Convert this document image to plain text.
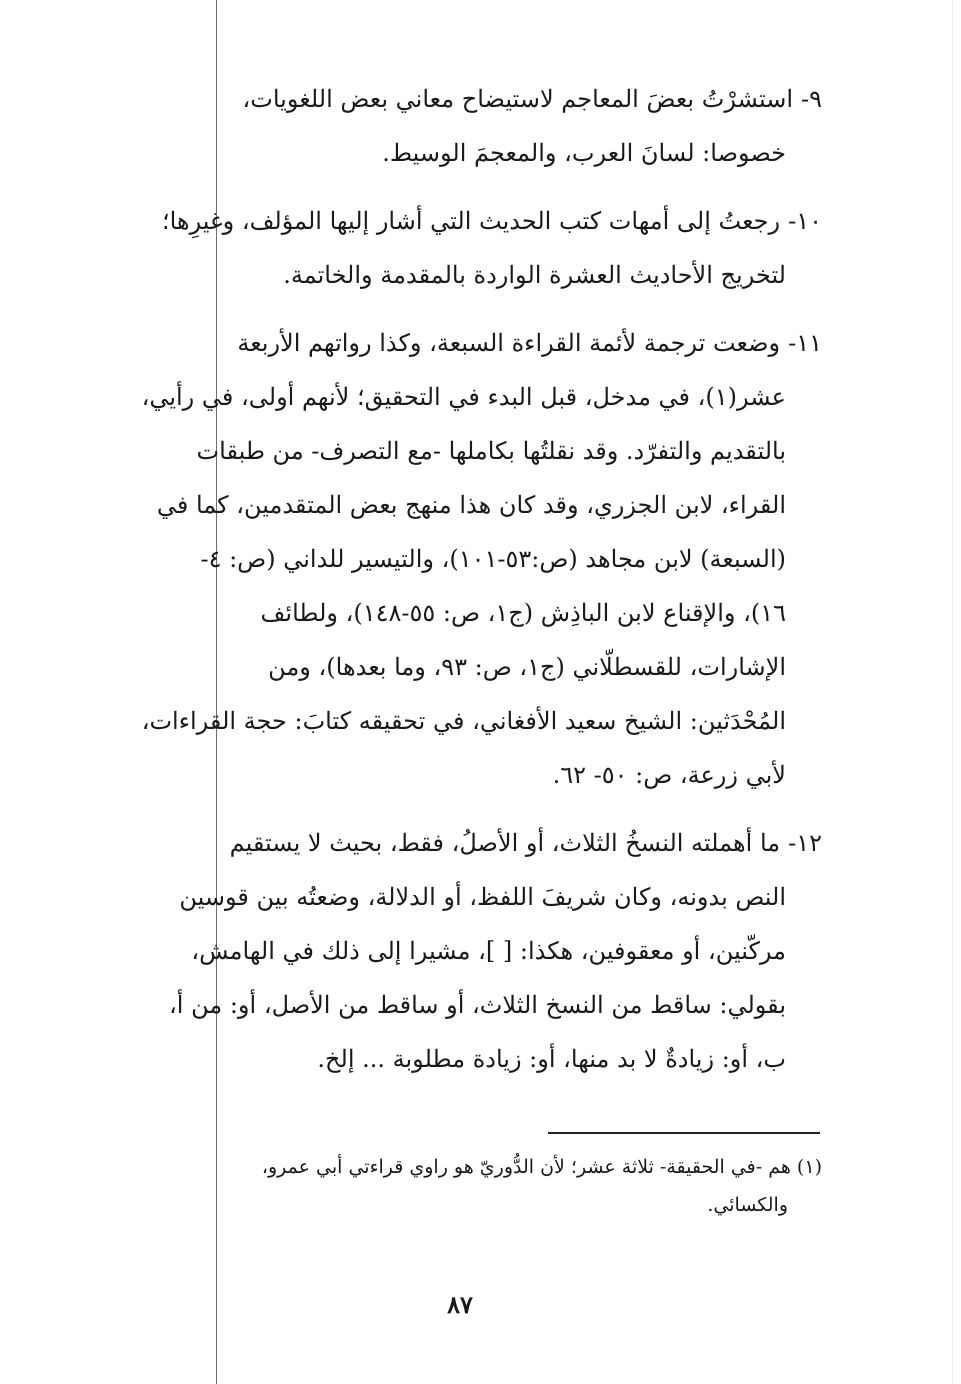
٩-استشرْتُ بعضَ المعاجم لاستيضاح معاني بعض اللغويات،
خصوصا: لسانَ العرب، والمعجمَ الوسيط.
١٠-رجعتُ إلى أمهات كتب الحديث التي أشار إليها المؤلف، وغيرِها؛
لتخريج الأحاديث العشرة الواردة بالمقدمة والخاتمة.
١١-وضعت ترجمة لأئمة القراءة السبعة، وكذا رواتهم الأربعة
عشر(١)، في مدخل، قبل البدء في التحقيق؛ لأنهم أولى، في رأيي،
بالتقديم والتفرّد. وقد نقلتُها بكاملها -مع التصرف- من طبقات
القراء، لابن الجزري، وقد كان هذا منهج بعض المتقدمين، كما في
(السبعة) لابن مجاهد (ص:٥٣-١٠١)، والتيسير للداني (ص: ٤-
١٦)، والإقناع لابن الباذِش (ج١، ص: ٥٥-١٤٨)، ولطائف
الإشارات، للقسطلّاني (ج١، ص: ٩٣، وما بعدها)، ومن
المُحْدَثين: الشيخ سعيد الأفغاني، في تحقيقه كتابَ: حجة القراءات،
لأبي زرعة، ص: ٥٠- ٦٢.
١٢-ما أهملته النسخُ الثلاث، أو الأصلُ، فقط، بحيث لا يستقيم
النص بدونه، وكان شريفَ اللفظ، أو الدلالة، وضعتُه بين قوسين
مركّنين، أو معقوفين، هكذا: [ ]، مشيرا إلى ذلك في الهامش،
بقولي: ساقط من النسخ الثلاث، أو ساقط من الأصل، أو: من أ،
ب، أو: زيادةٌ لا بد منها، أو: زيادة مطلوبة ... إلخ.
(١) هم -في الحقيقة- ثلاثة عشر؛ لأن الدُّوريّ هو راوي قراءتي أبي عمرو،
والكسائي.
٨٧
